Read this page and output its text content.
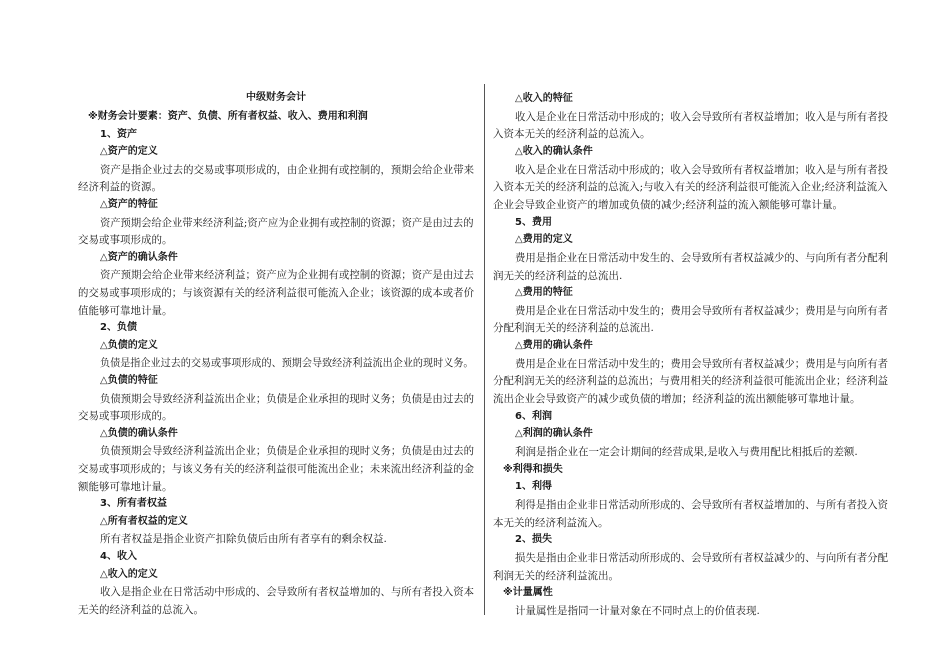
中级财务会计
※财务会计要素：资产、负债、所有者权益、收入、费用和利润
1、资产
△资产的定义
资产是指企业过去的交易或事项形成的，由企业拥有或控制的，预期会给企业带来
经济利益的资源。
△资产的特征
资产预期会给企业带来经济利益;资产应为企业拥有或控制的资源；资产是由过去的
交易或事项形成的。
△资产的确认条件
资产预期会给企业带来经济利益；资产应为企业拥有或控制的资源；资产是由过去
的交易或事项形成的；与该资源有关的经济利益很可能流入企业；该资源的成本或者价
值能够可靠地计量。
2、负债
△负债的定义
负债是指企业过去的交易或事项形成的、预期会导致经济利益流出企业的现时义务。
△负债的特征
负债预期会导致经济利益流出企业；负债是企业承担的现时义务；负债是由过去的
交易或事项形成的。
△负债的确认条件
负债预期会导致经济利益流出企业；负债是企业承担的现时义务；负债是由过去的
交易或事项形成的；与该义务有关的经济利益很可能流出企业；未来流出经济利益的金
额能够可靠地计量。
3、所有者权益
△所有者权益的定义
所有者权益是指企业资产扣除负债后由所有者享有的剩余权益.
4、收入
△收入的定义
收入是指企业在日常活动中形成的、会导致所有者权益增加的、与所有者投入资本
无关的经济利益的总流入。
△收入的特征
收入是企业在日常活动中形成的；收入会导致所有者权益增加；收入是与所有者投
入资本无关的经济利益的总流入。
△收入的确认条件
收入是企业在日常活动中形成的；收入会导致所有者权益增加；收入是与所有者投
入资本无关的经济利益的总流入;与收入有关的经济利益很可能流入企业;经济利益流入
企业会导致企业资产的增加或负债的减少;经济利益的流入额能够可靠计量。
5、费用
△费用的定义
费用是指企业在日常活动中发生的、会导致所有者权益减少的、与向所有者分配利
润无关的经济利益的总流出.
△费用的特征
费用是企业在日常活动中发生的；费用会导致所有者权益减少；费用是与向所有者
分配利润无关的经济利益的总流出.
△费用的确认条件
费用是企业在日常活动中发生的；费用会导致所有者权益减少；费用是与向所有者
分配利润无关的经济利益的总流出；与费用相关的经济利益很可能流出企业；经济利益
流出企业会导致资产的减少或负债的增加；经济利益的流出额能够可靠地计量。
6、利润
△利润的确认条件
利润是指企业在一定会计期间的经营成果,是收入与费用配比相抵后的差额.
※利得和损失
1、利得
利得是指由企业非日常活动所形成的、会导致所有者权益增加的、与所有者投入资
本无关的经济利益流入。
2、损失
损失是指由企业非日常活动所形成的、会导致所有者权益减少的、与向所有者分配
利润无关的经济利益流出。
※计量属性
计量属性是指同一计量对象在不同时点上的价值表现.
